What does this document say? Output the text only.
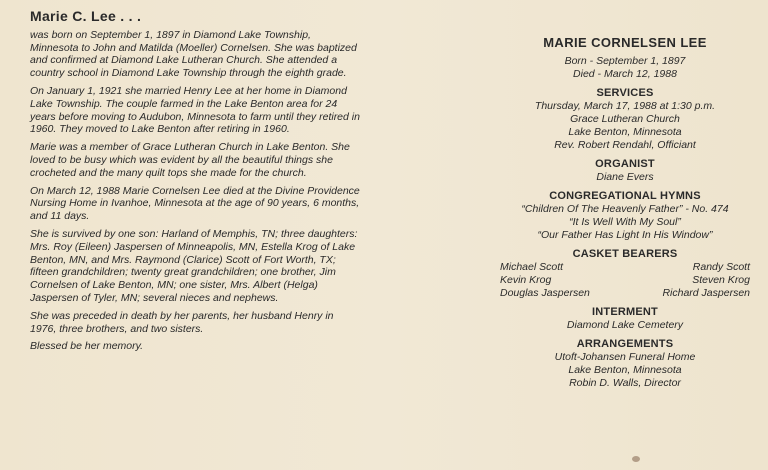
Marie C. Lee . . .

was born on September 1, 1897 in Diamond Lake Township, Minnesota to John and Matilda (Moeller) Cornelsen. She was baptized and confirmed at Diamond Lake Lutheran Church. She attended a country school in Diamond Lake Township through the eighth grade.

On January 1, 1921 she married Henry Lee at her home in Diamond Lake Township. The couple farmed in the Lake Benton area for 24 years before moving to Audubon, Minnesota to farm until they retired in 1960. They moved to Lake Benton after retiring in 1960.

Marie was a member of Grace Lutheran Church in Lake Benton. She loved to be busy which was evident by all the beautiful things she crocheted and the many quilt tops she made for the church.

On March 12, 1988 Marie Cornelsen Lee died at the Divine Providence Nursing Home in Ivanhoe, Minnesota at the age of 90 years, 6 months, and 11 days.

She is survived by one son: Harland of Memphis, TN; three daughters: Mrs. Roy (Eileen) Jaspersen of Minneapolis, MN, Estella Krog of Lake Benton, MN, and Mrs. Raymond (Clarice) Scott of Fort Worth, TX; fifteen grandchildren; twenty great grandchildren; one brother, Jim Cornelsen of Lake Benton, MN; one sister, Mrs. Albert (Helga) Jaspersen of Tyler, MN; several nieces and nephews.

She was preceded in death by her parents, her husband Henry in 1976, three brothers, and two sisters.

Blessed be her memory.

MARIE CORNELSEN LEE
Born - September 1, 1897
Died - March 12, 1988
SERVICES
Thursday, March 17, 1988 at 1:30 p.m.
Grace Lutheran Church
Lake Benton, Minnesota
Rev. Robert Rendahl, Officiant
ORGANIST
Diane Evers
CONGREGATIONAL HYMNS
“Children Of The Heavenly Father” - No. 474
“It Is Well With My Soul”
“Our Father Has Light In His Window”
CASKET BEARERS
Michael Scott	Randy Scott
Kevin Krog	Steven Krog
Douglas Jaspersen	Richard Jaspersen
INTERMENT
Diamond Lake Cemetery
ARRANGEMENTS
Utoft-Johansen Funeral Home
Lake Benton, Minnesota
Robin D. Walls, Director
